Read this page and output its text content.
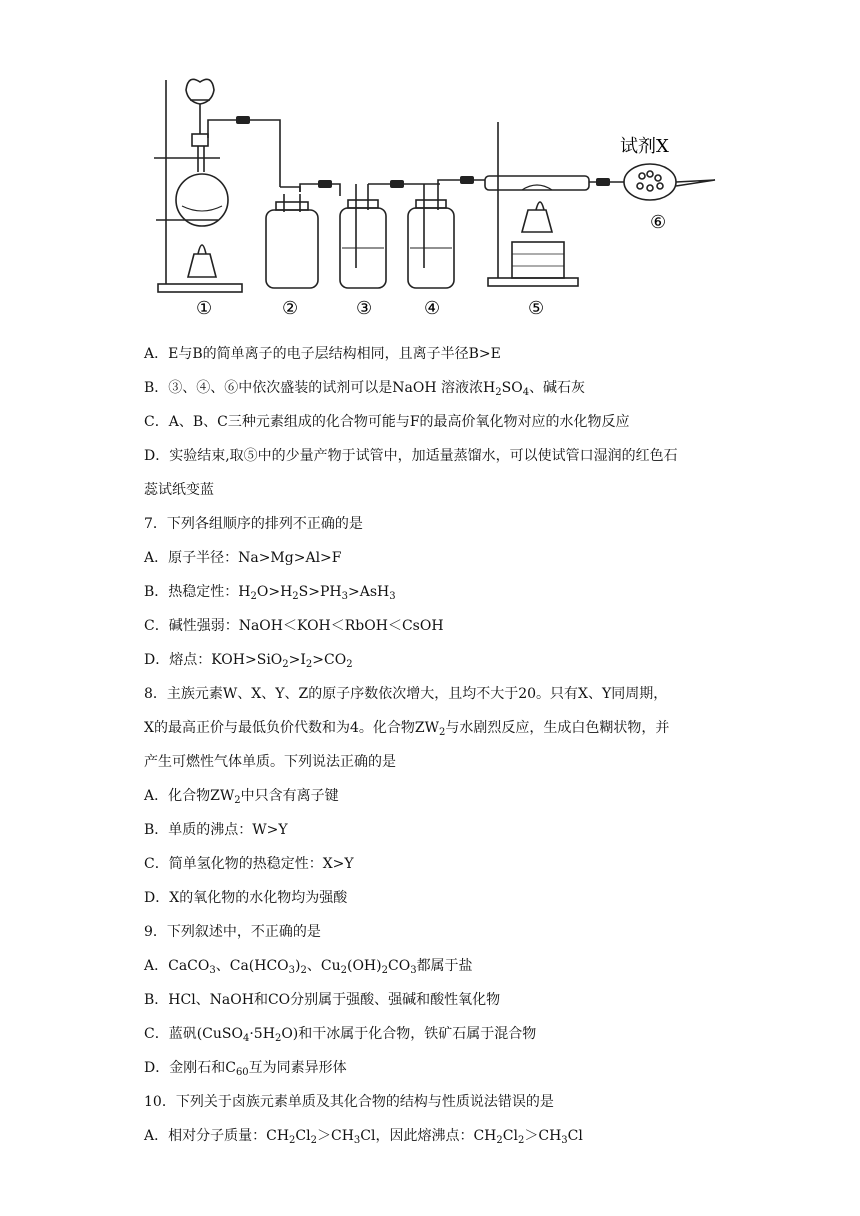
试剂X
①	②	③	④	⑤
⑥
A．E与B的简单离子的电子层结构相同，且离子半径B>E
B．③、④、⑥中依次盛装的试剂可以是NaOH 溶液浓$H_2SO_4$、碱石灰
C．A、B、C三种元素组成的化合物可能与F的最高价氧化物对应的水化物反应
D．实验结束,取⑤中的少量产物于试管中，加适量蒸馏水，可以使试管口湿润的红色石
蕊试纸变蓝
7．下列各组顺序的排列不正确的是
A．原子半径：Na>Mg>Al>F
B．热稳定性：$H_2O>H_2S>PH_3>AsH_3$
C．碱性强弱：NaOH＜KOH＜RbOH＜CsOH
D．熔点：$KOH>SiO_2>I_2>CO_2$
8．主族元素W、X、Y、Z的原子序数依次增大，且均不大于20。只有X、Y同周期，
X的最高正价与最低负价代数和为4。化合物$ZW_2$与水剧烈反应，生成白色糊状物，并
产生可燃性气体单质。下列说法正确的是
A．化合物$ZW_2$中只含有离子键
B．单质的沸点：W>Y
C．简单氢化物的热稳定性：X>Y
D．X的氧化物的水化物均为强酸
9．下列叙述中，不正确的是
A．CaCO$_3$、$Ca(HCO_3)_2$、$Cu_2(OH)_2CO_3$都属于盐
B．HCl、NaOH和CO分别属于强酸、强碱和酸性氧化物
C．蓝矾$(CuSO_4\cdot 5H_2O)$和干冰属于化合物，铁矿石属于混合物
D．金刚石和$C_{60}$互为同素异形体
10．下列关于卤族元素单质及其化合物的结构与性质说法错误的是
A．相对分子质量：$CH_2Cl_2>CH_3Cl$，因此熔沸点：$CH_2Cl_2>CH_3Cl$
